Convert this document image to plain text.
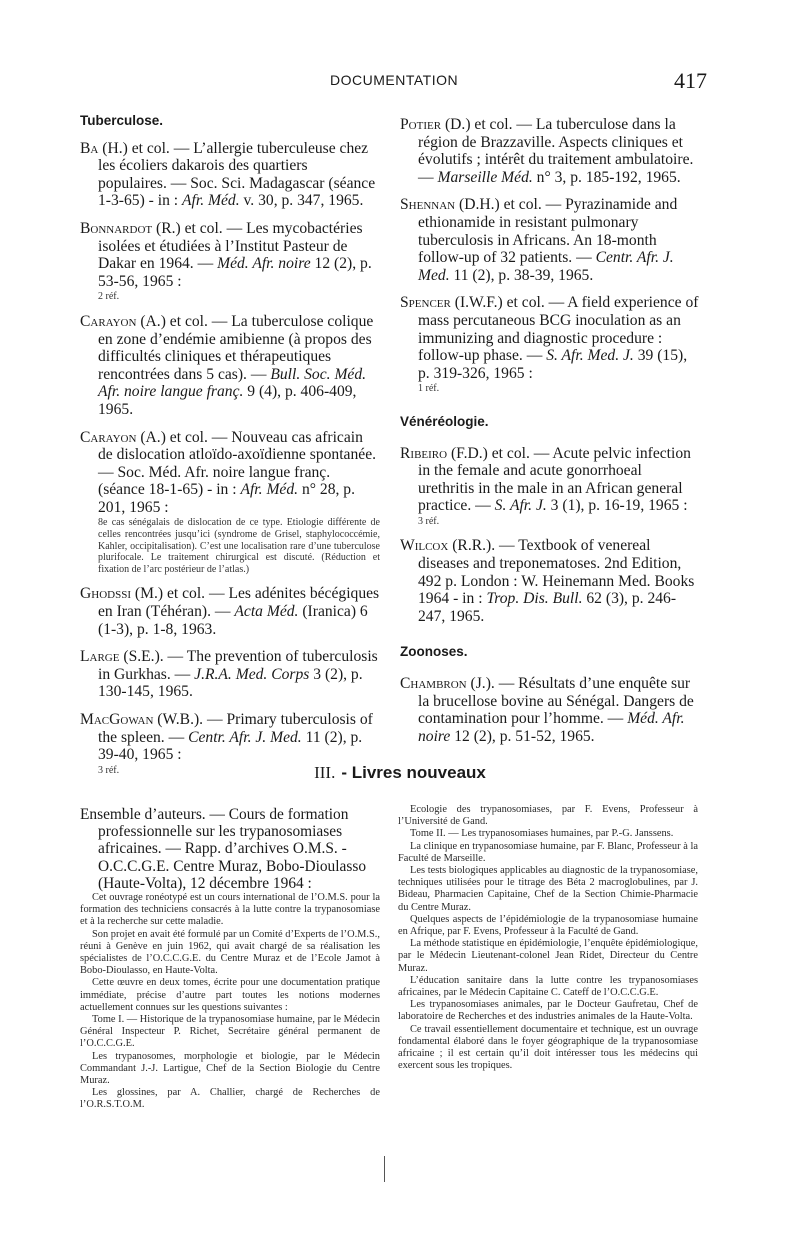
DOCUMENTATION	417
Tuberculose.
Ba (H.) et col. — L’allergie tuberculeuse chez les écoliers dakarois des quartiers populaires. — Soc. Sci. Madagascar (séance 1-3-65) - in : Afr. Méd. v. 30, p. 347, 1965.
Bonnardot (R.) et col. — Les mycobactéries isolées et étudiées à l’Institut Pasteur de Dakar en 1964. — Méd. Afr. noire 12 (2), p. 53-56, 1965 :
2 réf.
Carayon (A.) et col. — La tuberculose colique en zone d’endémie amibienne (à propos des difficultés cliniques et thérapeutiques rencontrées dans 5 cas). — Bull. Soc. Méd. Afr. noire langue franç. 9 (4), p. 406-409, 1965.
Carayon (A.) et col. — Nouveau cas africain de dislocation atloïdo-axoïdienne spontanée. — Soc. Méd. Afr. noire langue franç. (séance 18-1-65) - in : Afr. Méd. n° 28, p. 201, 1965 :
8e cas sénégalais de dislocation de ce type. Etiologie différente de celles rencontrées jusqu’ici (syndrome de Grisel, staphylococcémie, Kahler, occipitalisation). C’est une localisation rare d’une tuberculose plurifocale. Le traitement chirurgical est discuté. (Réduction et fixation de l’arc postérieur de l’atlas.)
Ghodssi (M.) et col. — Les adénites bécégiques en Iran (Téhéran). — Acta Méd. (Iranica) 6 (1-3), p. 1-8, 1963.
Large (S.E.). — The prevention of tuberculosis in Gurkhas. — J.R.A. Med. Corps 3 (2), p. 130-145, 1965.
MacGowan (W.B.). — Primary tuberculosis of the spleen. — Centr. Afr. J. Med. 11 (2), p. 39-40, 1965 :
3 réf.
Potier (D.) et col. — La tuberculose dans la région de Brazzaville. Aspects cliniques et évolutifs ; intérêt du traitement ambulatoire. — Marseille Méd. n° 3, p. 185-192, 1965.
Shennan (D.H.) et col. — Pyrazinamide and ethionamide in resistant pulmonary tuberculosis in Africans. An 18-month follow-up of 32 patients. — Centr. Afr. J. Med. 11 (2), p. 38-39, 1965.
Spencer (I.W.F.) et col. — A field experience of mass percutaneous BCG inoculation as an immunizing and diagnostic procedure : follow-up phase. — S. Afr. Med. J. 39 (15), p. 319-326, 1965 :
1 réf.
Vénéréologie.
Ribeiro (F.D.) et col. — Acute pelvic infection in the female and acute gonorrhoeal urethritis in the male in an African general practice. — S. Afr. J. 3 (1), p. 16-19, 1965 :
3 réf.
Wilcox (R.R.). — Textbook of venereal diseases and treponematoses. 2nd Edition, 492 p. London : W. Heinemann Med. Books 1964 - in : Trop. Dis. Bull. 62 (3), p. 246-247, 1965.
Zoonoses.
Chambron (J.). — Résultats d’une enquête sur la brucellose bovine au Sénégal. Dangers de contamination pour l’homme. — Méd. Afr. noire 12 (2), p. 51-52, 1965.
III. - Livres nouveaux
Ensemble d’auteurs. — Cours de formation professionnelle sur les trypanosomiases africaines. — Rapp. d’archives O.M.S. - O.C.C.G.E. Centre Muraz, Bobo-Dioulasso (Haute-Volta), 12 décembre 1964 :

Cet ouvrage ronéotypé est un cours international de l’O.M.S. pour la formation des techniciens consacrés à la lutte contre la trypanosomiase et à la recherche sur cette maladie.

Son projet en avait été formulé par un Comité d’Experts de l’O.M.S., réuni à Genève en juin 1962, qui avait chargé de sa réalisation les spécialistes de l’O.C.C.G.E. du Centre Muraz et de l’Ecole Jamot à Bobo-Dioulasso, en Haute-Volta.

Cette œuvre en deux tomes, écrite pour une documentation pratique immédiate, précise d’autre part toutes les notions modernes actuellement connues sur les questions suivantes :

Tome I. — Historique de la trypanosomiase humaine, par le Médecin Général Inspecteur P. Richet, Secrétaire général permanent de l’O.C.C.G.E.

Les trypanosomes, morphologie et biologie, par le Médecin Commandant J.-J. Lartigue, Chef de la Section Biologie du Centre Muraz.

Les glossines, par A. Challier, chargé de Recherches de l’O.R.S.T.O.M.

Ecologie des trypanosomiases, par F. Evens, Professeur à l’Université de Gand.

Tome II. — Les trypanosomiases humaines, par P.-G. Janssens.

La clinique en trypanosomiase humaine, par F. Blanc, Professeur à la Faculté de Marseille.

Les tests biologiques applicables au diagnostic de la trypanosomiase, techniques utilisées pour le titrage des Béta 2 macroglobulines, par J. Bideau, Pharmacien Capitaine, Chef de la Section Chimie-Pharmacie du Centre Muraz.

Quelques aspects de l’épidémiologie de la trypanosomiase humaine en Afrique, par F. Evens, Professeur à la Faculté de Gand.

La méthode statistique en épidémiologie, l’enquête épidémiologique, par le Médecin Lieutenant-colonel Jean Ridet, Directeur du Centre Muraz.

L’éducation sanitaire dans la lutte contre les trypanosomiases africaines, par le Médecin Capitaine C. Cateff de l’O.C.C.G.E.

Les trypanosomiases animales, par le Docteur Gaufretau, Chef de laboratoire de Recherches et des industries animales de la Haute-Volta.

Ce travail essentiellement documentaire et technique, est un ouvrage fondamental élaboré dans le foyer géographique de la trypanosomiase africaine ; il est certain qu’il doit intéresser tous les médecins qui exercent sous les tropiques.
